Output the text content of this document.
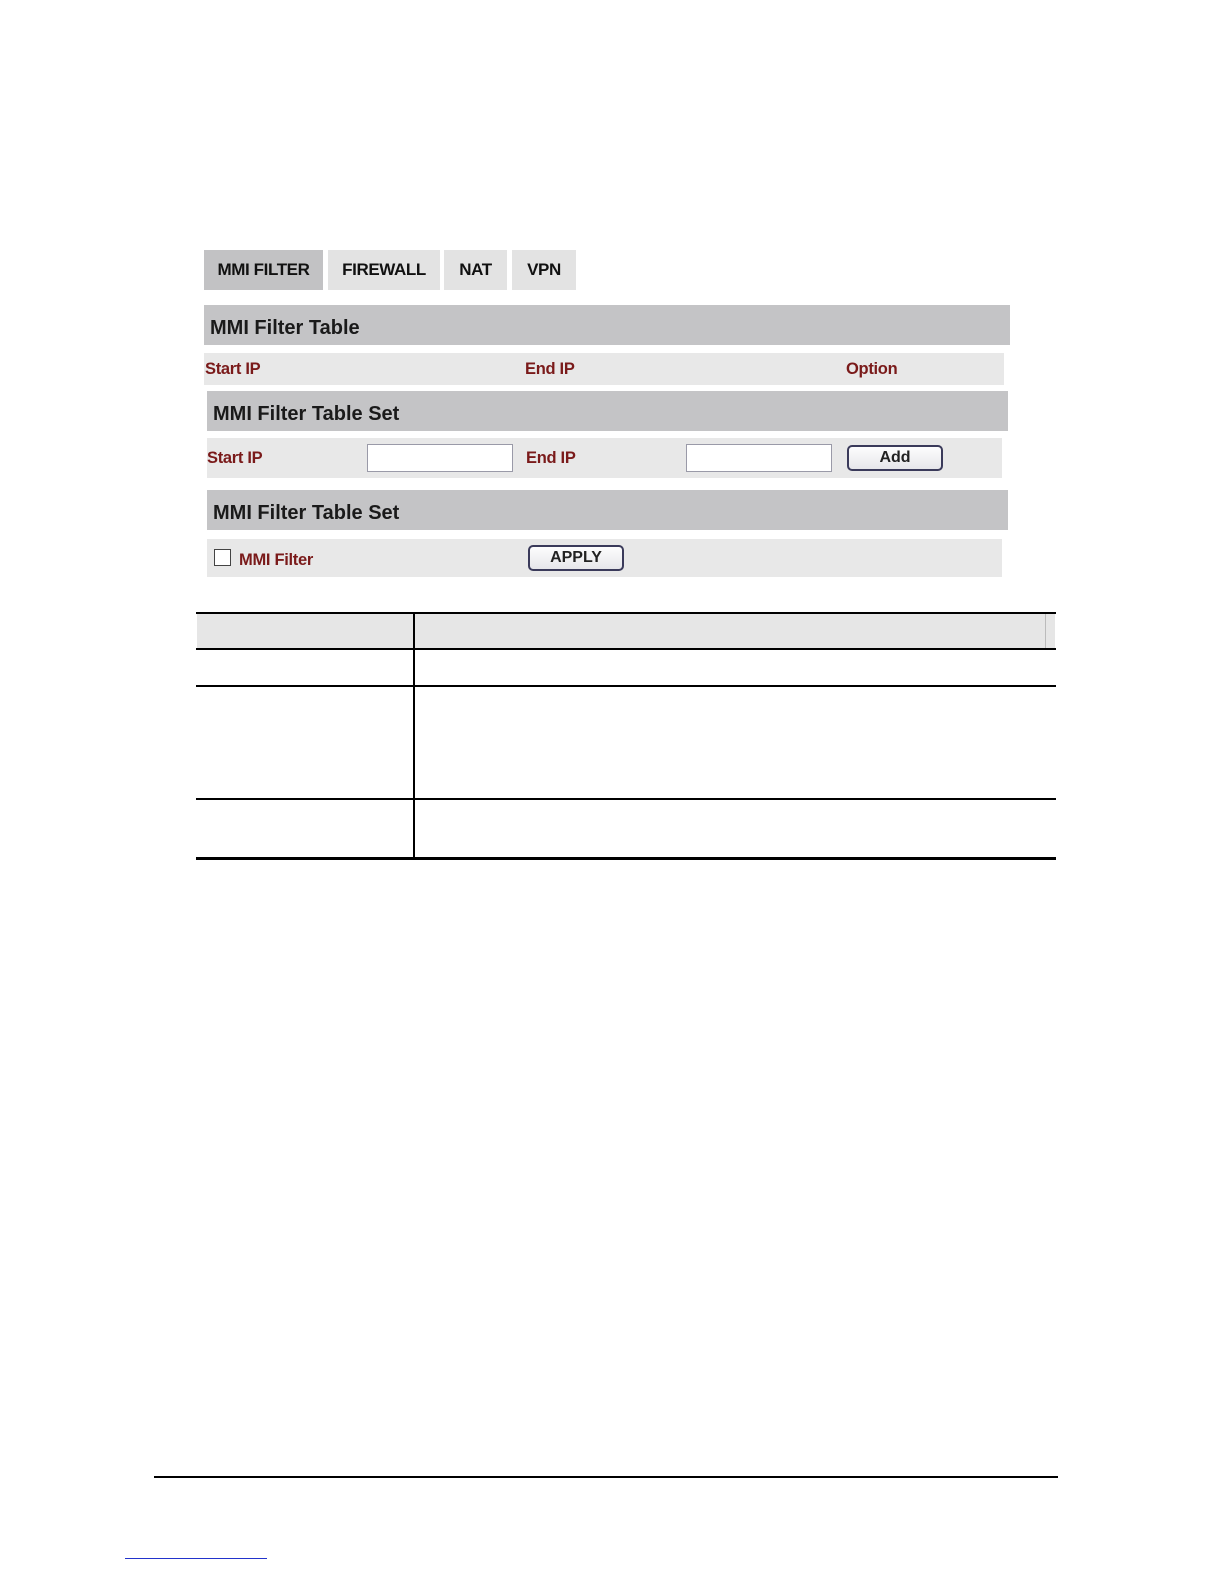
MMI FILTER	FIREWALL	NAT	VPN
MMI Filter Table
Start IP	End IP	Option
MMI Filter Table Set
Start IP	End IP	Add
MMI Filter Table Set
MMI Filter	APPLY
